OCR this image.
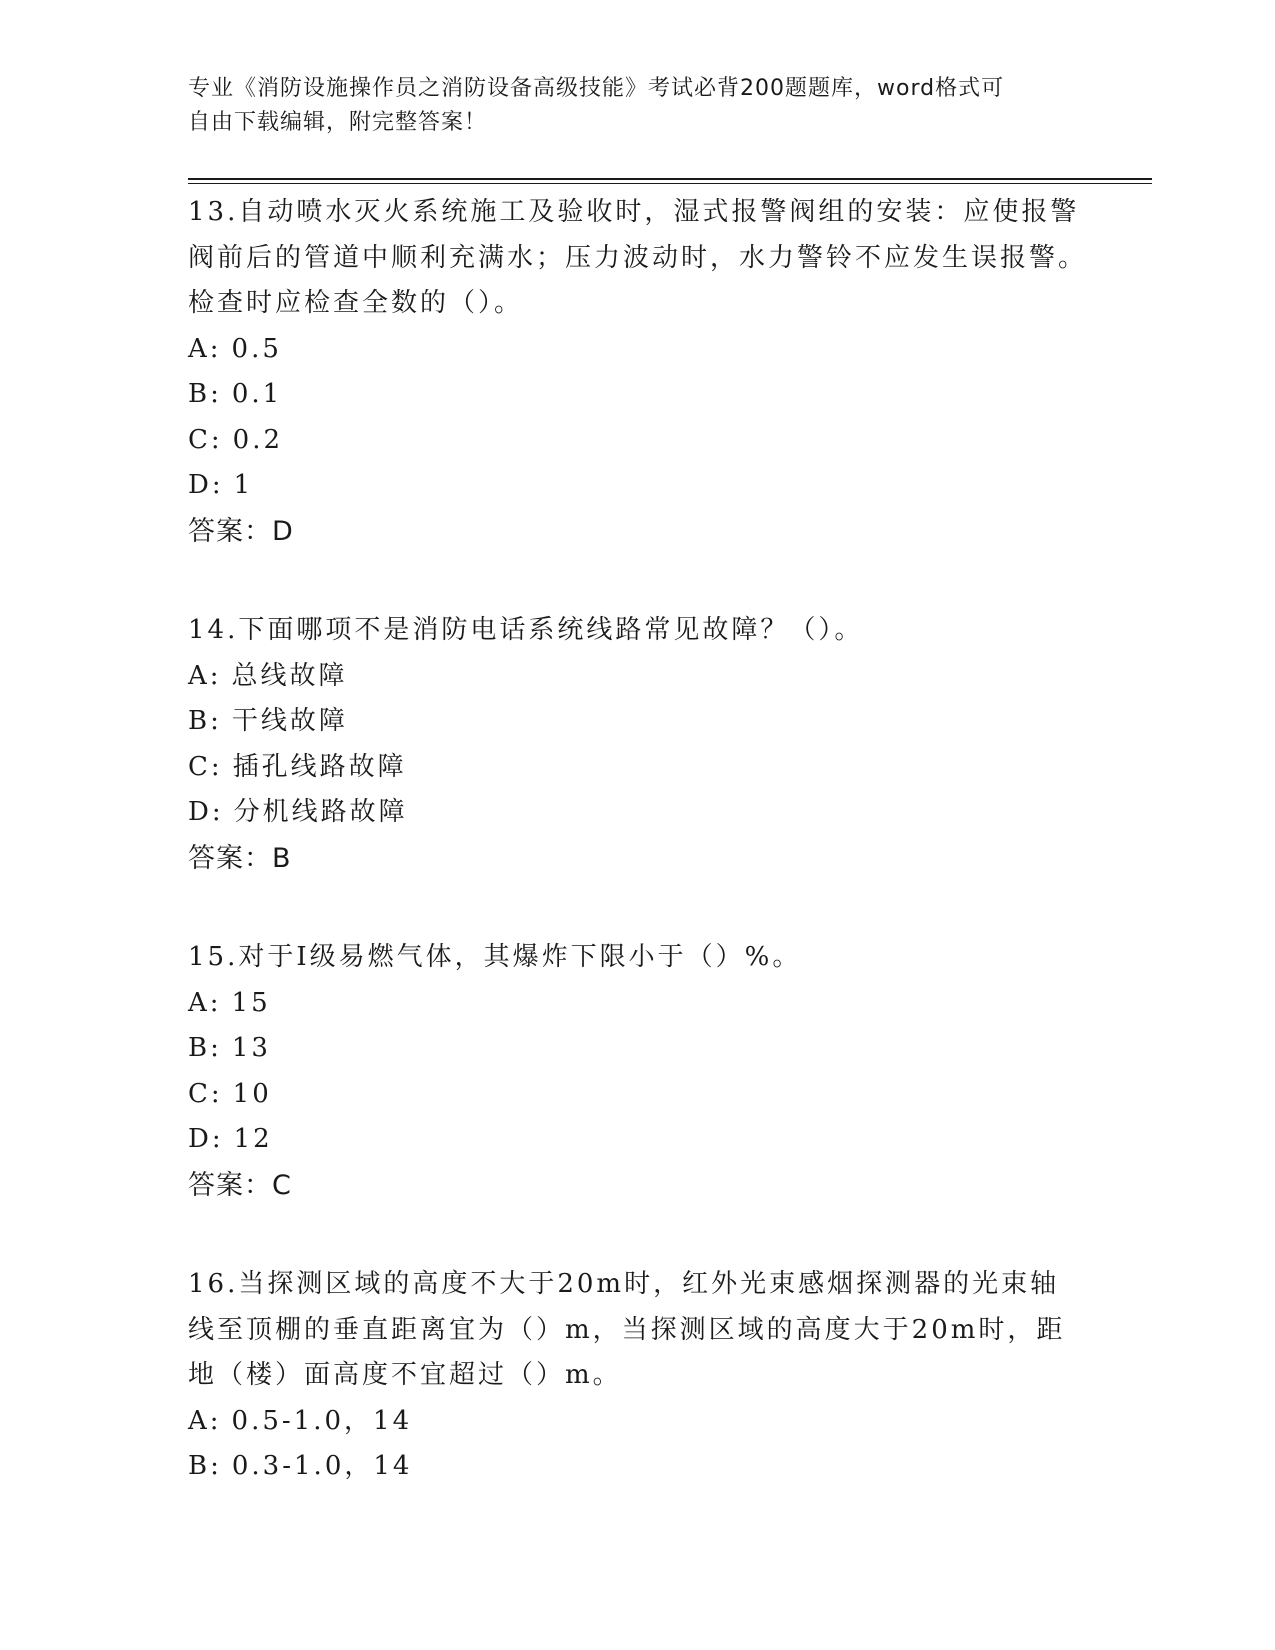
专业《消防设施操作员之消防设备高级技能》考试必背200题题库，word格式可
自由下载编辑，附完整答案！
13.自动喷水灭火系统施工及验收时，湿式报警阀组的安装：应使报警阀前后的管道中顺利充满水；压力波动时，水力警铃不应发生误报警。检查时应检查全数的（）。
A: 0.5
B: 0.1
C: 0.2
D: 1
答案：D
14.下面哪项不是消防电话系统线路常见故障？（）。
A: 总线故障
B: 干线故障
C: 插孔线路故障
D: 分机线路故障
答案：B
15.对于Ⅰ级易燃气体，其爆炸下限小于（）%。
A: 15
B: 13
C: 10
D: 12
答案：C
16.当探测区域的高度不大于20m时，红外光束感烟探测器的光束轴线至顶棚的垂直距离宜为（）m，当探测区域的高度大于20m时，距地（楼）面高度不宜超过（）m。
A: 0.5-1.0，14
B: 0.3-1.0，14
